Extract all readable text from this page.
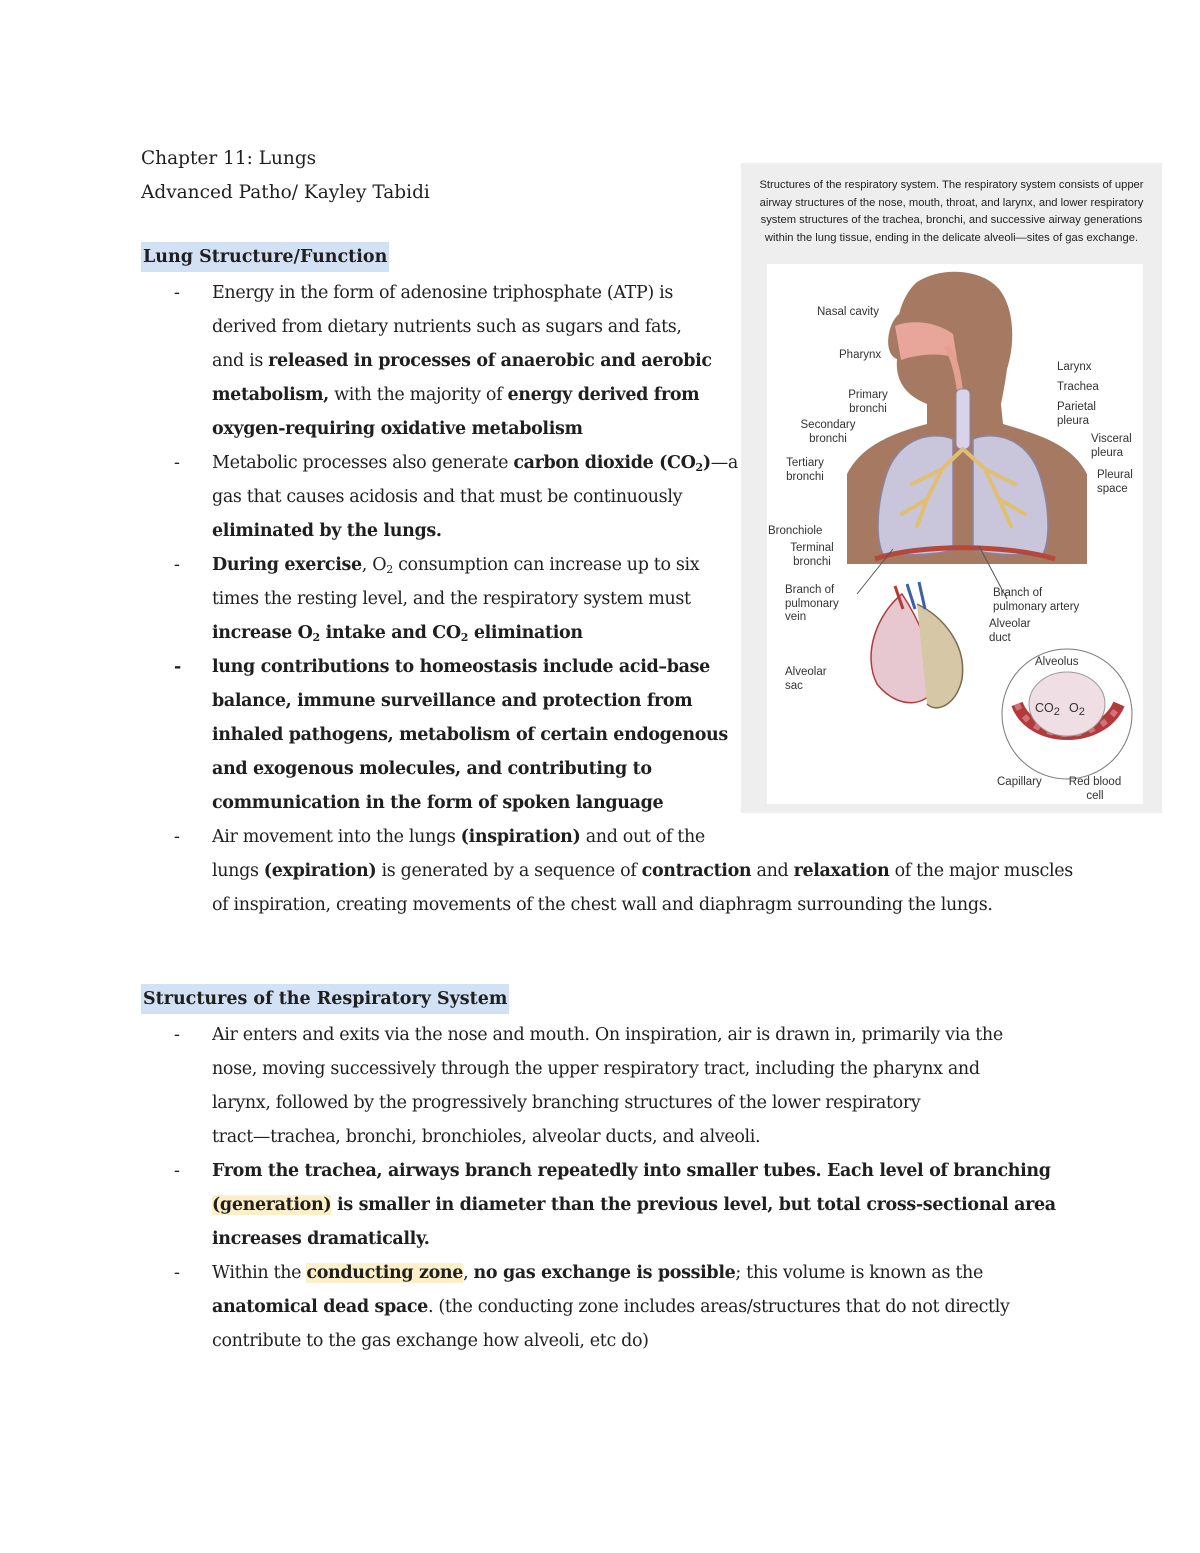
Chapter 11: Lungs
Advanced Patho/ Kayley Tabidi
Lung Structure/Function
- Energy in the form of adenosine triphosphate (ATP) is
derived from dietary nutrients such as sugars and fats,
and is released in processes of anaerobic and aerobic
metabolism, with the majority of energy derived from
oxygen-requiring oxidative metabolism
- Metabolic processes also generate carbon dioxide $(CO_2)—a$
gas that causes acidosis and that must be continuously
eliminated by the lungs.
- During exercise, $O_2$ consumption can increase up to six
times the resting level, and the respiratory system must
increase $O_2$ intake and $CO_2$ elimination
- lung contributions to homeostasis include acid–base
balance, immune surveillance and protection from
inhaled pathogens, metabolism of certain endogenous
and exogenous molecules, and contributing to
communication in the form of spoken language
- Air movement into the lungs (inspiration) and out of the
lungs (expiration) is generated by a sequence of contraction and relaxation of the major muscles
of inspiration, creating movements of the chest wall and diaphragm surrounding the lungs.
Structures of the Respiratory System
- Air enters and exits via the nose and mouth. On inspiration, air is drawn in, primarily via the
nose, moving successively through the upper respiratory tract, including the pharynx and
larynx, followed by the progressively branching structures of the lower respiratory
tract—trachea, bronchi, bronchioles, alveolar ducts, and alveoli.
- From the trachea, airways branch repeatedly into smaller tubes. Each level of branching
(generation) is smaller in diameter than the previous level, but total cross-sectional area
increases dramatically.
- Within the conducting zone, no gas exchange is possible; this volume is known as the
anatomical dead space. (the conducting zone includes areas/structures that do not directly
contribute to the gas exchange how alveoli, etc do)
Structures of the respiratory system. The respiratory system consists of upper
airway structures of the nose, mouth, throat, and larynx, and lower respiratory
system structures of the trachea, bronchi, and successive airway generations
within the lung tissue, ending in the delicate alveoli—sites of gas exchange.
Nasal cavity
Pharynx
Primary
bronchi
Secondary
bronchi
Tertiary
bronchi
Bronchiole
Terminal
bronchi
Larynx
Trachea
Parietal
pleura
Visceral
pleura
Pleural
space
Branch of
pulmonary
vein
Branch of
pulmonary artery
Alveolar
duct
Alveolus
Alveolar
sac
$CO_2$ $O_2$
Capillary	Red blood
cell
